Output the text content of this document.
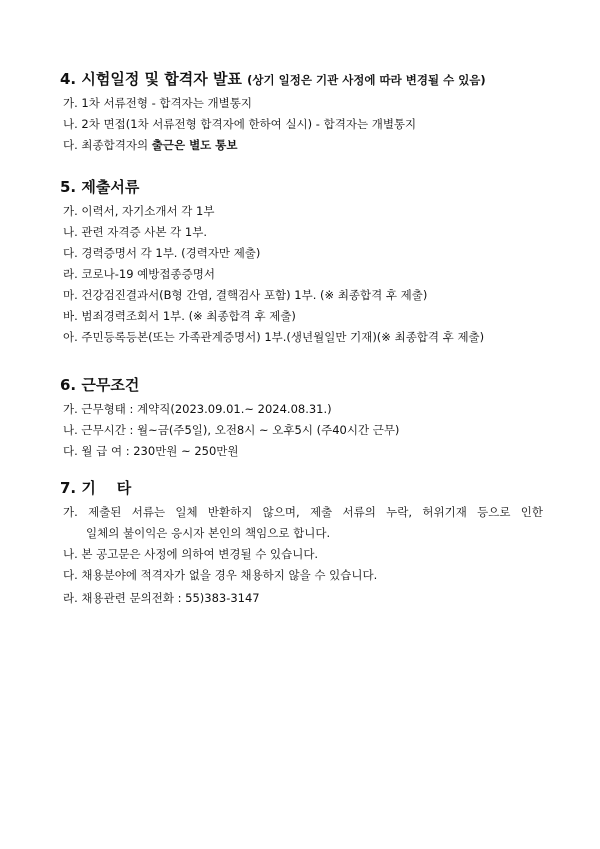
4. 시험일정 및 합격자 발표 (상기 일정은 기관 사정에 따라 변경될 수 있음)

가. 1차 서류전형 - 합격자는 개별통지
나. 2차 면접(1차 서류전형 합격자에 한하여 실시) - 합격자는 개별통지
다. 최종합격자의 출근은 별도 통보

5. 제출서류

가. 이력서, 자기소개서 각 1부
나. 관련 자격증 사본 각 1부.
다. 경력증명서 각 1부. (경력자만 제출)
라. 코로나-19 예방접종증명서
마. 건강검진결과서(B형 간염, 결핵검사 포함) 1부. (※ 최종합격 후 제출)
바. 범죄경력조회서 1부. (※ 최종합격 후 제출)
아. 주민등록등본(또는 가족관계증명서) 1부.(생년월일만 기재)(※ 최종합격 후 제출)

6. 근무조건

가. 근무형태 : 계약직(2023.09.01.~ 2024.08.31.)
나. 근무시간 : 월~금(주5일), 오전8시 ~ 오후5시 (주40시간 근무)
다. 월 급 여 : 230만원 ~ 250만원

7. 기    타

가. 제출된 서류는 일체 반환하지 않으며, 제출 서류의 누락, 허위기재 등으로 인한
일체의 불이익은 응시자 본인의 책임으로 합니다.
나. 본 공고문은 사정에 의하여 변경될 수 있습니다.
다. 채용분야에 적격자가 없을 경우 채용하지 않을 수 있습니다.
라. 채용관련 문의전화 : 55)383-3147
